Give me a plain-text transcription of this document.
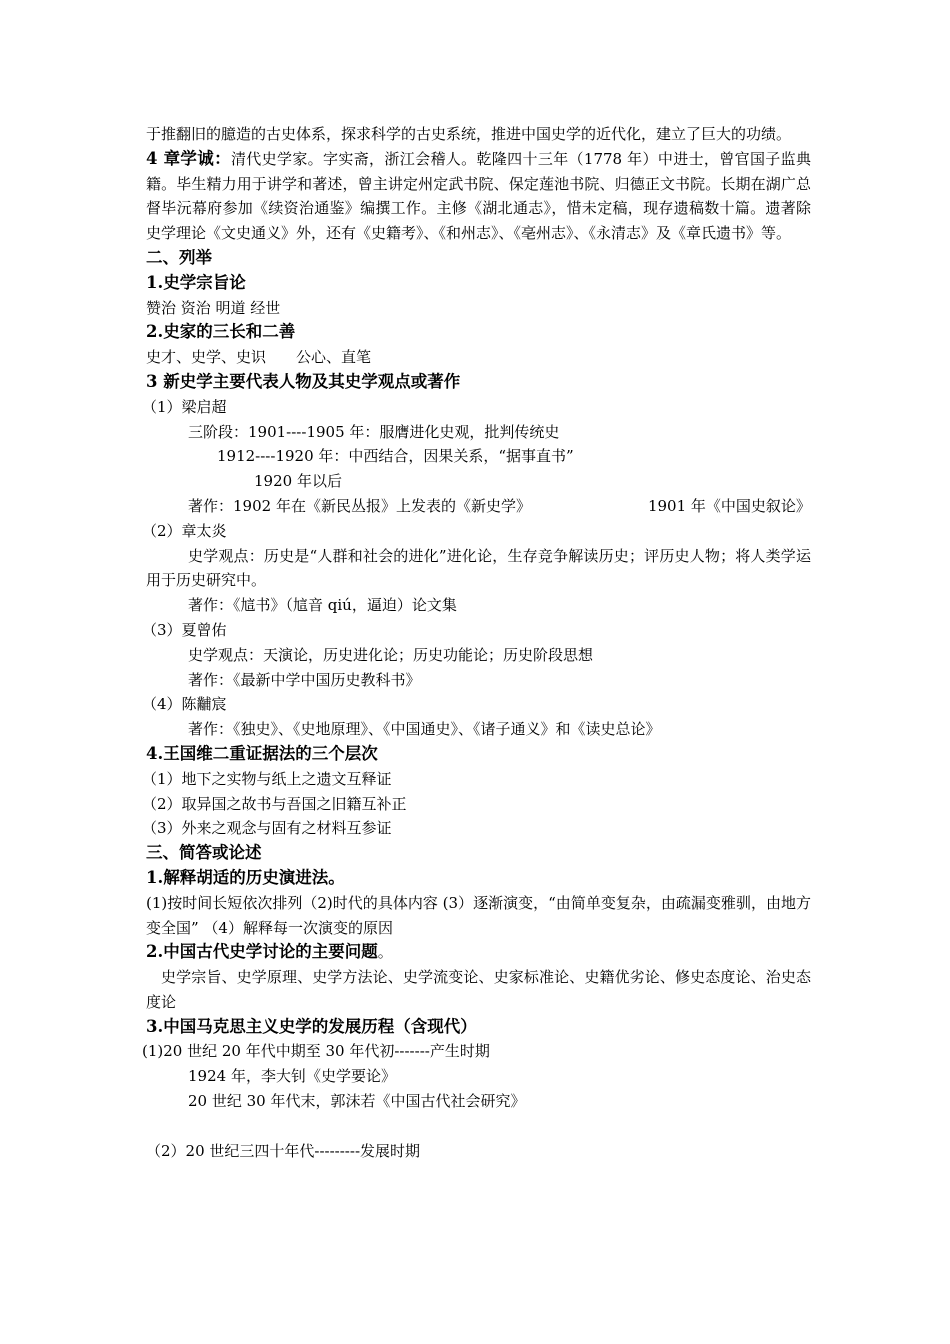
于推翻旧的臆造的古史体系，探求科学的古史系统，推进中国史学的近代化，建立了巨大的功绩。

4 章学诚：清代史学家。字实斋，浙江会稽人。乾隆四十三年（1778 年）中进士，曾官国子监典籍。毕生精力用于讲学和著述，曾主讲定州定武书院、保定莲池书院、归德正文书院。长期在湖广总督毕沅幕府参加《续资治通鉴》编撰工作。主修《湖北通志》，惜未定稿，现存遗稿数十篇。遗著除史学理论《文史通义》外，还有《史籍考》、《和州志》、《亳州志》、《永清志》及《章氏遗书》等。

二、列举

1.史学宗旨论

赞治 资治 明道 经世

2.史家的三长和二善

史才、史学、史识 公心、直笔

3 新史学主要代表人物及其史学观点或著作

（1）梁启超

三阶段：1901----1905 年：服膺进化史观，批判传统史

1912----1920 年：中西结合，因果关系，“据事直书”

1920 年以后

著作：1902 年在《新民丛报》上发表的《新史学》	1901 年《中国史叙论》

（2）章太炎

史学观点：历史是“人群和社会的进化”进化论，生存竞争解读历史；评历史人物；将人类学运用于历史研究中。

著作：《訄书》（訄音 qiú，逼迫）论文集

（3）夏曾佑

史学观点：天演论，历史进化论；历史功能论；历史阶段思想

著作：《最新中学中国历史教科书》

（4）陈黼宸

著作：《独史》、《史地原理》、《中国通史》、《诸子通义》和《读史总论》

4.王国维二重证据法的三个层次

（1）地下之实物与纸上之遗文互释证

（2）取异国之故书与吾国之旧籍互补正

（3）外来之观念与固有之材料互参证

三、简答或论述

1.解释胡适的历史演进法。

(1)按时间长短依次排列（2)时代的具体内容 (3）逐渐演变，“由简单变复杂，由疏漏变雅驯，由地方变全国” （4）解释每一次演变的原因

2.中国古代史学讨论的主要问题。

史学宗旨、史学原理、史学方法论、史学流变论、史家标准论、史籍优劣论、修史态度论、治史态度论

3.中国马克思主义史学的发展历程（含现代）

(1)20 世纪 20 年代中期至 30 年代初-------产生时期

1924 年，李大钊《史学要论》

20 世纪 30 年代末，郭沫若《中国古代社会研究》

（2）20 世纪三四十年代---------发展时期
